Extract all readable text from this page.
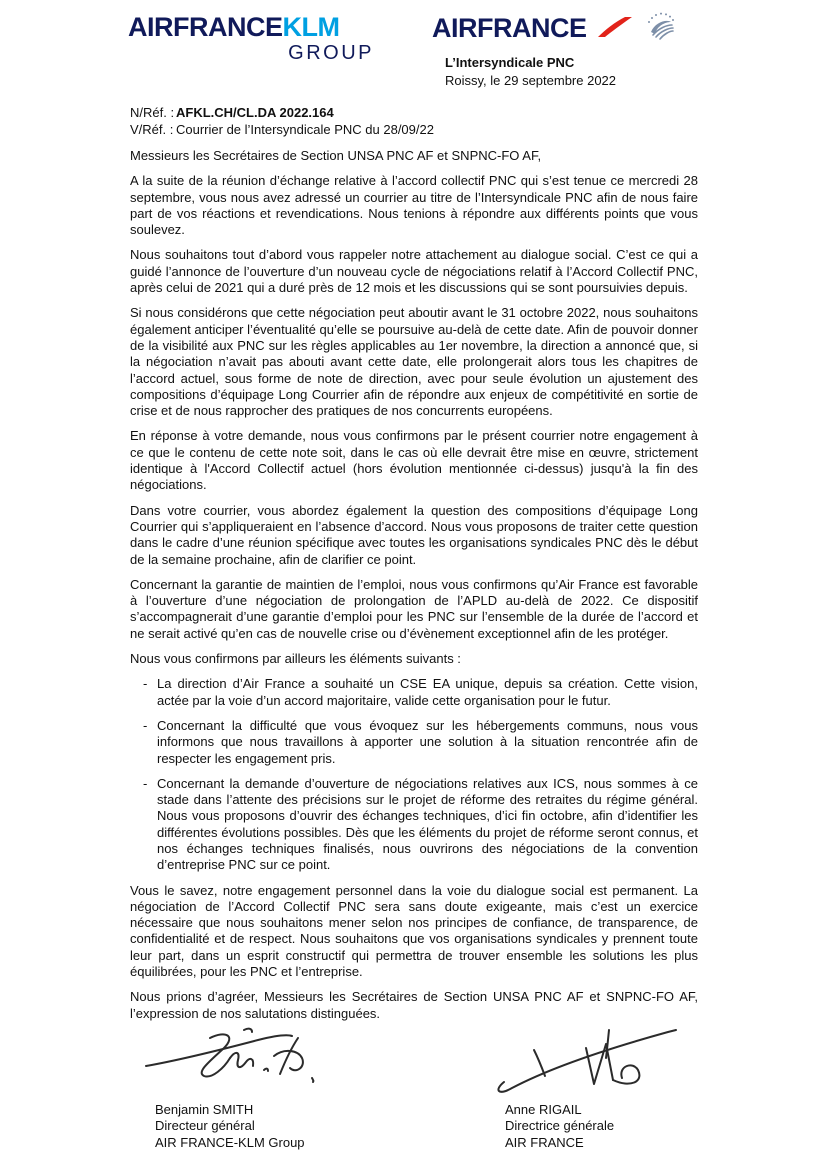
AIRFRANCEKLM
GROUP
AIRFRANCE
L’Intersyndicale PNC
Roissy, le 29 septembre 2022
N/Réf. : AFKL.CH/CL.DA 2022.164
V/Réf. : Courrier de l’Intersyndicale PNC du 28/09/22
Messieurs les Secrétaires de Section UNSA PNC AF et SNPNC-FO AF,
A la suite de la réunion d’échange relative à l’accord collectif PNC qui s’est tenue ce mercredi 28 septembre, vous nous avez adressé un courrier au titre de l’Intersyndicale PNC afin de nous faire part de vos réactions et revendications. Nous tenions à répondre aux différents points que vous soulevez.
Nous souhaitons tout d’abord vous rappeler notre attachement au dialogue social. C’est ce qui a guidé l’annonce de l’ouverture d’un nouveau cycle de négociations relatif à l’Accord Collectif PNC, après celui de 2021 qui a duré près de 12 mois et les discussions qui se sont poursuivies depuis.
Si nous considérons que cette négociation peut aboutir avant le 31 octobre 2022, nous souhaitons également anticiper l’éventualité qu’elle se poursuive au-delà de cette date. Afin de pouvoir donner de la visibilité aux PNC sur les règles applicables au 1er novembre, la direction a annoncé que, si la négociation n’avait pas abouti avant cette date, elle prolongerait alors tous les chapitres de l’accord actuel, sous forme de note de direction, avec pour seule évolution un ajustement des compositions d’équipage Long Courrier afin de répondre aux enjeux de compétitivité en sortie de crise et de nous rapprocher des pratiques de nos concurrents européens.
En réponse à votre demande, nous vous confirmons par le présent courrier notre engagement à ce que le contenu de cette note soit, dans le cas où elle devrait être mise en œuvre, strictement identique à l'Accord Collectif actuel (hors évolution mentionnée ci-dessus) jusqu'à la fin des négociations.
Dans votre courrier, vous abordez également la question des compositions d’équipage Long Courrier qui s’appliqueraient en l’absence d’accord. Nous vous proposons de traiter cette question dans le cadre d’une réunion spécifique avec toutes les organisations syndicales PNC dès le début de la semaine prochaine, afin de clarifier ce point.
Concernant la garantie de maintien de l’emploi, nous vous confirmons qu’Air France est favorable à l’ouverture d’une négociation de prolongation de l’APLD au-delà de 2022. Ce dispositif s’accompagnerait d’une garantie d’emploi pour les PNC sur l’ensemble de la durée de l’accord et ne serait activé qu’en cas de nouvelle crise ou d’évènement exceptionnel afin de les protéger.
Nous vous confirmons par ailleurs les éléments suivants :
- La direction d’Air France a souhaité un CSE EA unique, depuis sa création. Cette vision, actée par la voie d’un accord majoritaire, valide cette organisation pour le futur.
- Concernant la difficulté que vous évoquez sur les hébergements communs, nous vous informons que nous travaillons à apporter une solution à la situation rencontrée afin de respecter les engagement pris.
- Concernant la demande d’ouverture de négociations relatives aux ICS, nous sommes à ce stade dans l’attente des précisions sur le projet de réforme des retraites du régime général. Nous vous proposons d’ouvrir des échanges techniques, d’ici fin octobre, afin d’identifier les différentes évolutions possibles. Dès que les éléments du projet de réforme seront connus, et nos échanges techniques finalisés, nous ouvrirons des négociations de la convention d’entreprise PNC sur ce point.
Vous le savez, notre engagement personnel dans la voie du dialogue social est permanent. La négociation de l’Accord Collectif PNC sera sans doute exigeante, mais c’est un exercice nécessaire que nous souhaitons mener selon nos principes de confiance, de transparence, de confidentialité et de respect. Nous souhaitons que vos organisations syndicales y prennent toute leur part, dans un esprit constructif qui permettra de trouver ensemble les solutions les plus équilibrées, pour les PNC et l’entreprise.
Nous prions d’agréer, Messieurs les Secrétaires de Section UNSA PNC AF et SNPNC-FO AF, l’expression de nos salutations distinguées.
Benjamin SMITH
Directeur général
AIR FRANCE-KLM Group
Anne RIGAIL
Directrice générale
AIR FRANCE
